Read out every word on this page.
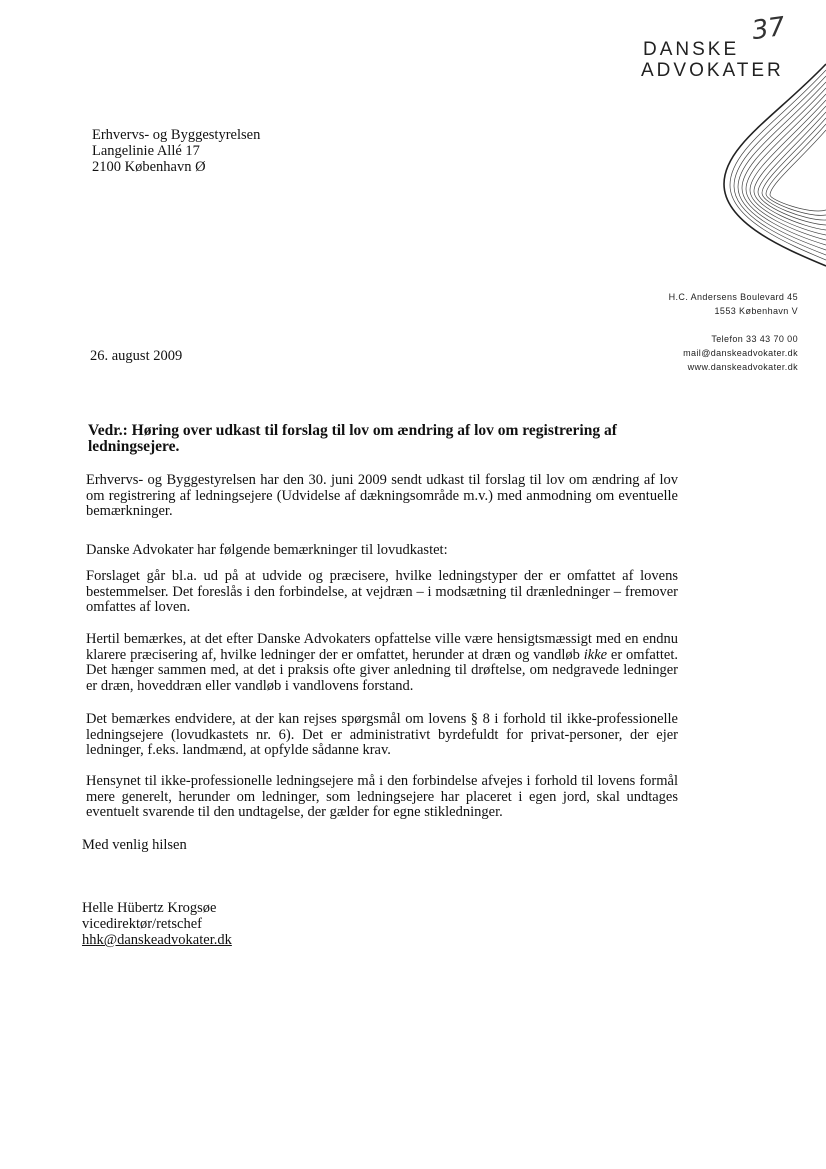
37
DANSKE
ADVOKATER
Erhvervs- og Byggestyrelsen
Langelinie Allé 17
2100 København Ø
H.C. Andersens Boulevard 45
1553 København V
Telefon 33 43 70 00
mail@danskeadvokater.dk
www.danskeadvokater.dk
26. august 2009
Vedr.: Høring over udkast til forslag til lov om ændring af lov om registrering af ledningsejere.
Erhvervs- og Byggestyrelsen har den 30. juni 2009 sendt udkast til forslag til lov om ændring af lov om registrering af ledningsejere (Udvidelse af dækningsområde m.v.) med anmodning om eventuelle bemærkninger.
Danske Advokater har følgende bemærkninger til lovudkastet:
Forslaget går bl.a. ud på at udvide og præcisere, hvilke ledningstyper der er omfattet af lovens bestemmelser. Det foreslås i den forbindelse, at vejdræn – i modsætning til drænledninger – fremover omfattes af loven.
Hertil bemærkes, at det efter Danske Advokaters opfattelse ville være hensigtsmæssigt med en endnu klarere præcisering af, hvilke ledninger der er omfattet, herunder at dræn og vandløb ikke er omfattet. Det hænger sammen med, at det i praksis ofte giver anledning til drøftelse, om nedgravede ledninger er dræn, hoveddræn eller vandløb i vandlovens forstand.
Det bemærkes endvidere, at der kan rejses spørgsmål om lovens § 8 i forhold til ikke-professionelle ledningsejere (lovudkastets nr. 6). Det er administrativt byrdefuldt for privat-personer, der ejer ledninger, f.eks. landmænd, at opfylde sådanne krav.
Hensynet til ikke-professionelle ledningsejere må i den forbindelse afvejes i forhold til lovens formål mere generelt, herunder om ledninger, som ledningsejere har placeret i egen jord, skal undtages eventuelt svarende til den undtagelse, der gælder for egne stikledninger.
Med venlig hilsen
Helle Hübertz Krogsøe
vicedirektør/retschef
hhk@danskeadvokater.dk
